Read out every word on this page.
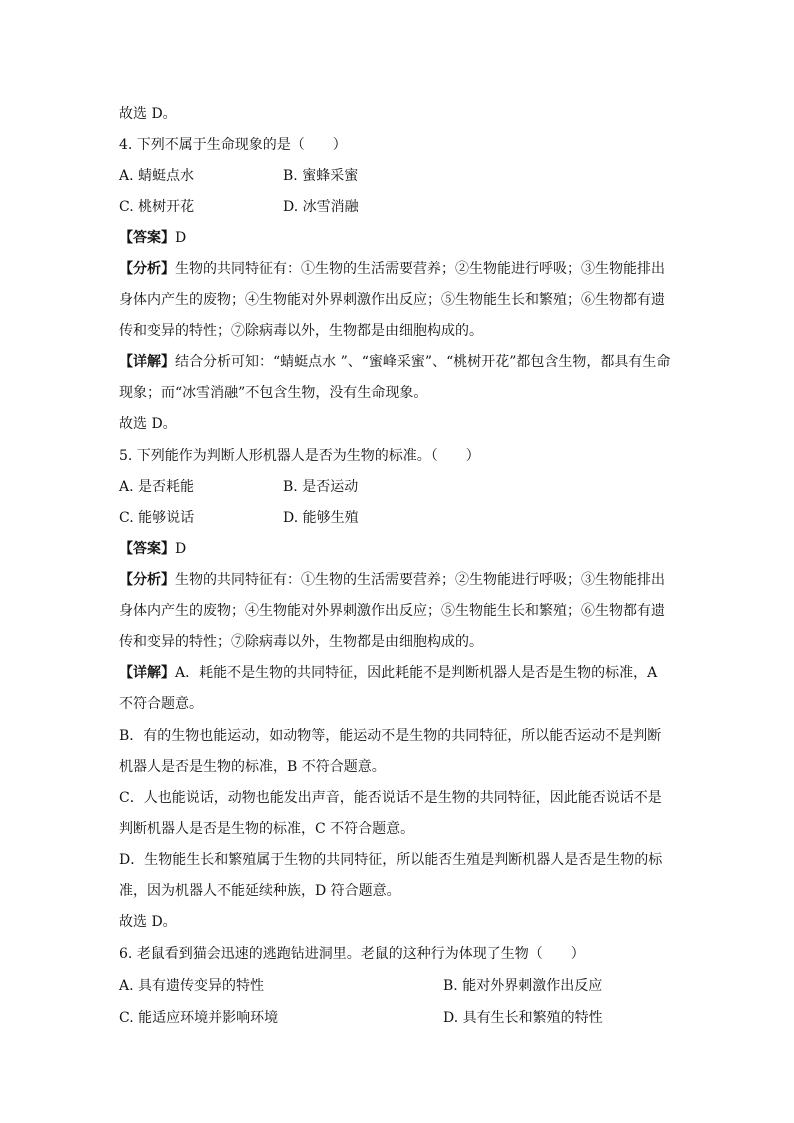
故选 D。
4. 下列不属于生命现象的是（　　）
A. 蜻蜓点水	B. 蜜蜂采蜜
C. 桃树开花	D. 冰雪消融
【答案】D
【分析】生物的共同特征有：①生物的生活需要营养；②生物能进行呼吸；③生物能排出
身体内产生的废物；④生物能对外界刺激作出反应；⑤生物能生长和繁殖；⑥生物都有遗
传和变异的特性；⑦除病毒以外，生物都是由细胞构成的。
【详解】结合分析可知：“蜻蜓点水 ”、“蜜峰采蜜”、“桃树开花”都包含生物，都具有生命
现象；而“冰雪消融”不包含生物，没有生命现象。
故选 D。
5. 下列能作为判断人形机器人是否为生物的标准。（　　）
A. 是否耗能	B. 是否运动
C. 能够说话	D. 能够生殖
【答案】D
【分析】生物的共同特征有：①生物的生活需要营养；②生物能进行呼吸；③生物能排出
身体内产生的废物；④生物能对外界刺激作出反应；⑤生物能生长和繁殖；⑥生物都有遗
传和变异的特性；⑦除病毒以外，生物都是由细胞构成的。
【详解】A．耗能不是生物的共同特征，因此耗能不是判断机器人是否是生物的标准，A
不符合题意。
B．有的生物也能运动，如动物等，能运动不是生物的共同特征，所以能否运动不是判断
机器人是否是生物的标准，B 不符合题意。
C．人也能说话，动物也能发出声音，能否说话不是生物的共同特征，因此能否说话不是
判断机器人是否是生物的标准，C 不符合题意。
D．生物能生长和繁殖属于生物的共同特征，所以能否生殖是判断机器人是否是生物的标
准，因为机器人不能延续种族，D 符合题意。
故选 D。
6. 老鼠看到猫会迅速的逃跑钻进洞里。老鼠的这种行为体现了生物（　　）
A. 具有遗传变异的特性	B. 能对外界刺激作出反应
C. 能适应环境并影响环境	D. 具有生长和繁殖的特性
